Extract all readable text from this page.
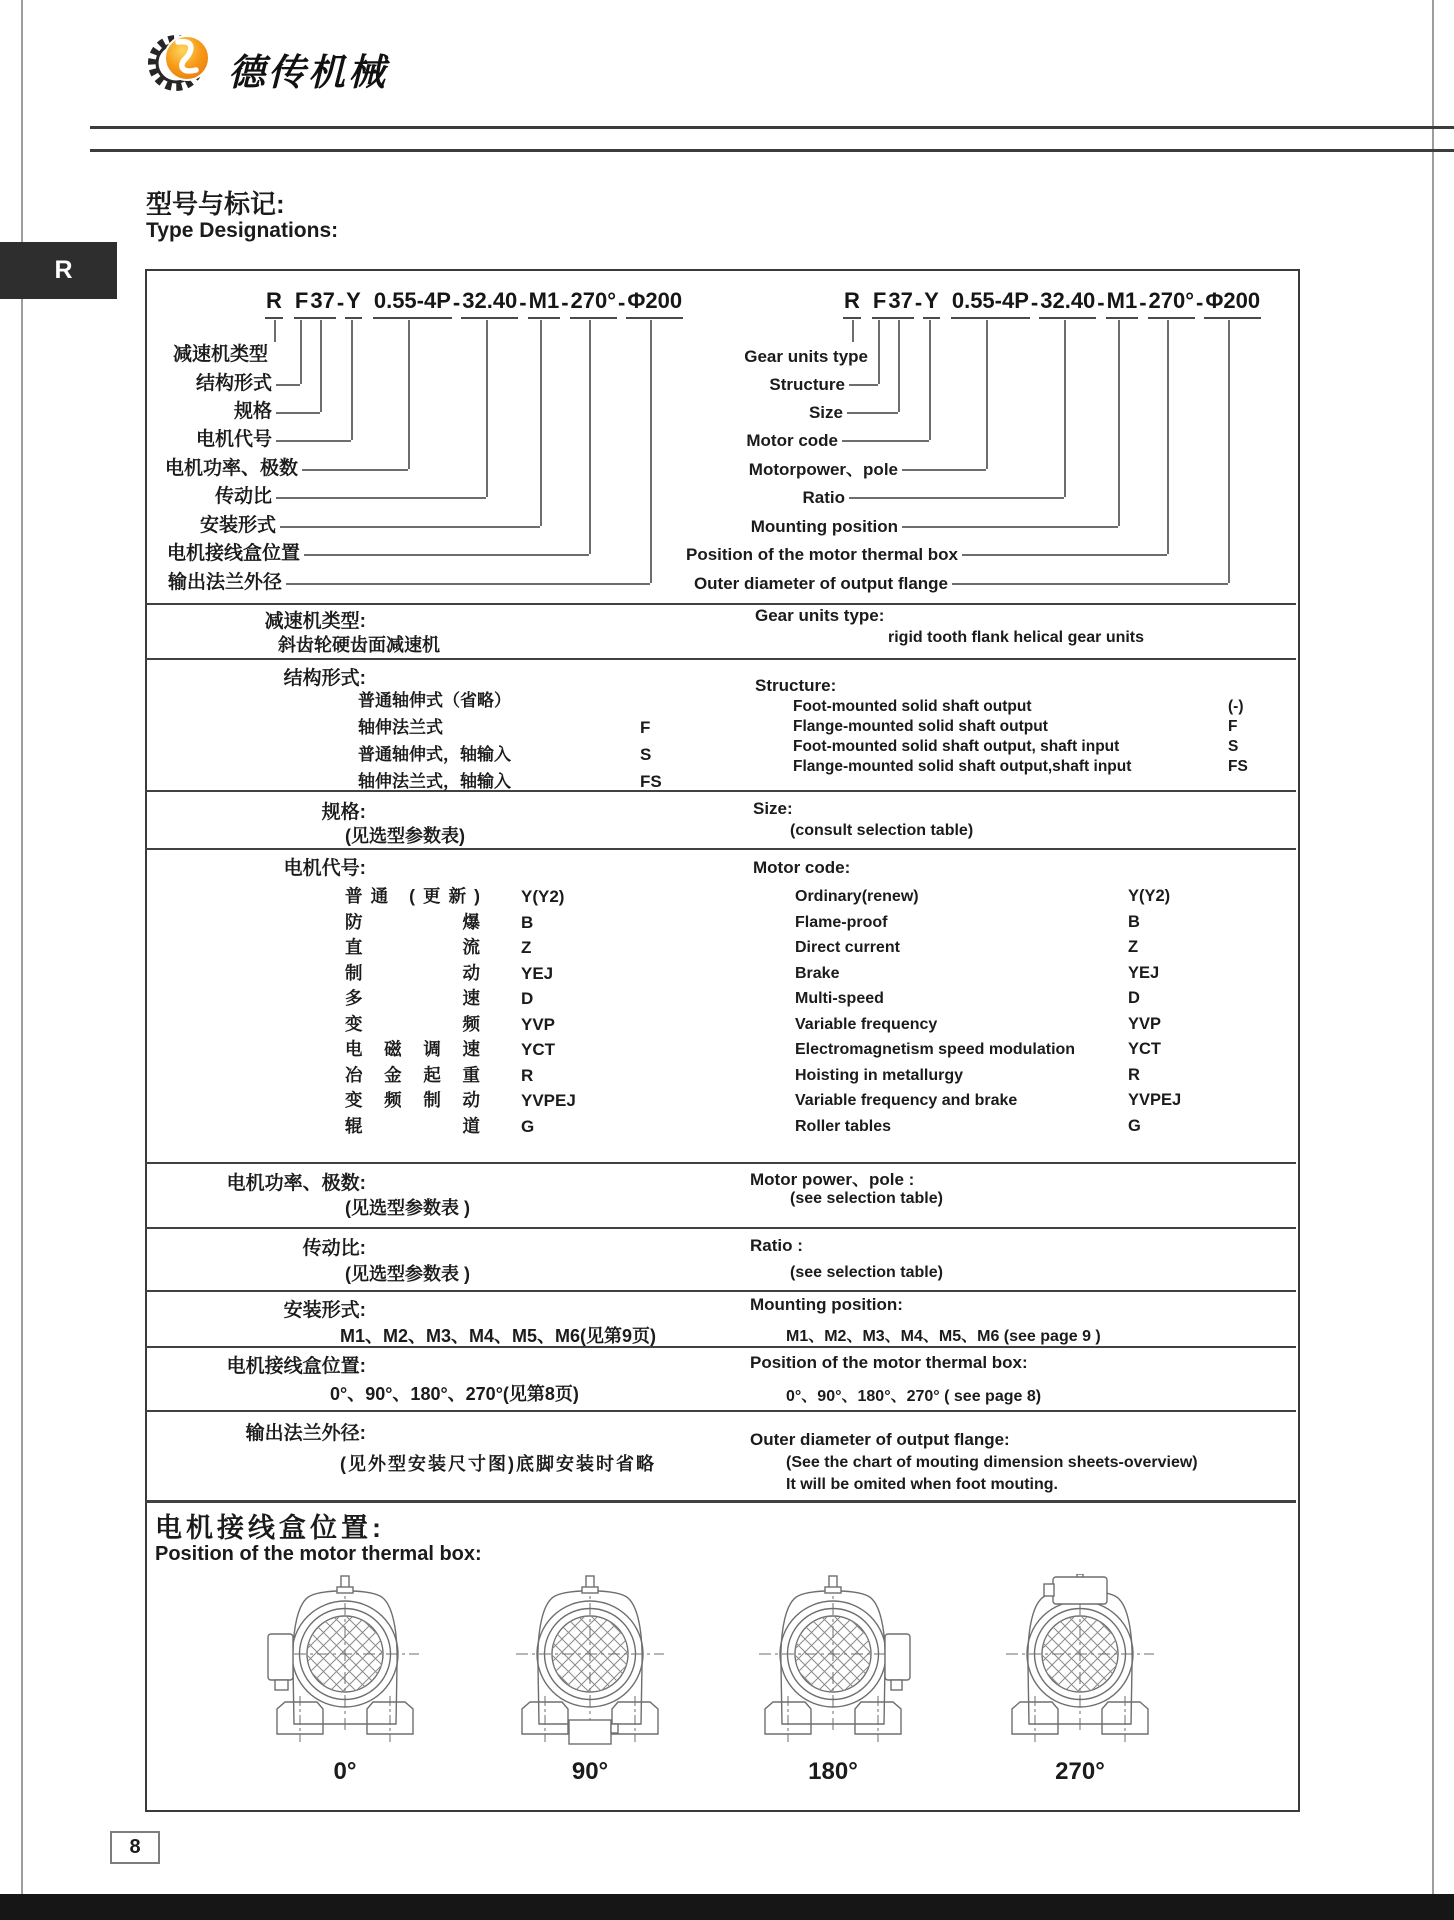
德传机械
型号与标记:
Type Designations:
R
R F 37 - Y 0.55-4P - 32.40 - M1 - 270° - Φ200
减速机类型
结构形式
规格
电机代号
电机功率、极数
传动比
安装形式
电机接线盒位置
输出法兰外径
R F 37 - Y 0.55-4P - 32.40 - M1 - 270° - Φ200
Gear units type
Structure
Size
Motor code
Motorpower、pole
Ratio
Mounting position
Position of the motor thermal box
Outer diameter of output flange
减速机类型:
斜齿轮硬齿面减速机
Gear units type:
rigid tooth flank helical gear units
结构形式:
普通轴伸式（省略）
轴伸法兰式	F
普通轴伸式，轴输入	S
轴伸法兰式，轴输入	FS
Structure:
Foot-mounted solid shaft output	(-)
Flange-mounted solid shaft output	F
Foot-mounted solid shaft output, shaft input	S
Flange-mounted solid shaft output,shaft input	FS
规格:
(见选型参数表)
Size:
(consult selection table)
电机代号:	Motor code:
普通 (更新) Y(Y2)	Ordinary(renew)	Y(Y2)
防 爆 B	Flame-proof	B
直 流 Z	Direct current	Z
制 动 YEJ	Brake	YEJ
多 速 D	Multi-speed	D
变 频 YVP	Variable frequency	YVP
电磁调速 YCT	Electromagnetism speed modulation	YCT
冶金起重 R	Hoisting in metallurgy	R
变频制动 YVPEJ	Variable frequency and brake	YVPEJ
辊 道 G	Roller tables	G
电机功率、极数:
(见选型参数表 )
Motor power、pole :
(see selection table)
传动比:
(见选型参数表 )
Ratio :
(see selection table)
安装形式:
M1、M2、M3、M4、M5、M6(见第9页)
Mounting position:
M1、M2、M3、M4、M5、M6 (see page 9 )
电机接线盒位置:
0°、90°、180°、270°(见第8页)
Position of the motor thermal box:
0°、90°、180°、270° ( see page 8)
输出法兰外径:
(见外型安装尺寸图)底脚安装时省略
Outer diameter of output flange:
(See the chart of mouting dimension sheets-overview)
It will be omited when foot mouting.
电机接线盒位置:
Position of the motor thermal box:
0°	90°	180°	270°
8
